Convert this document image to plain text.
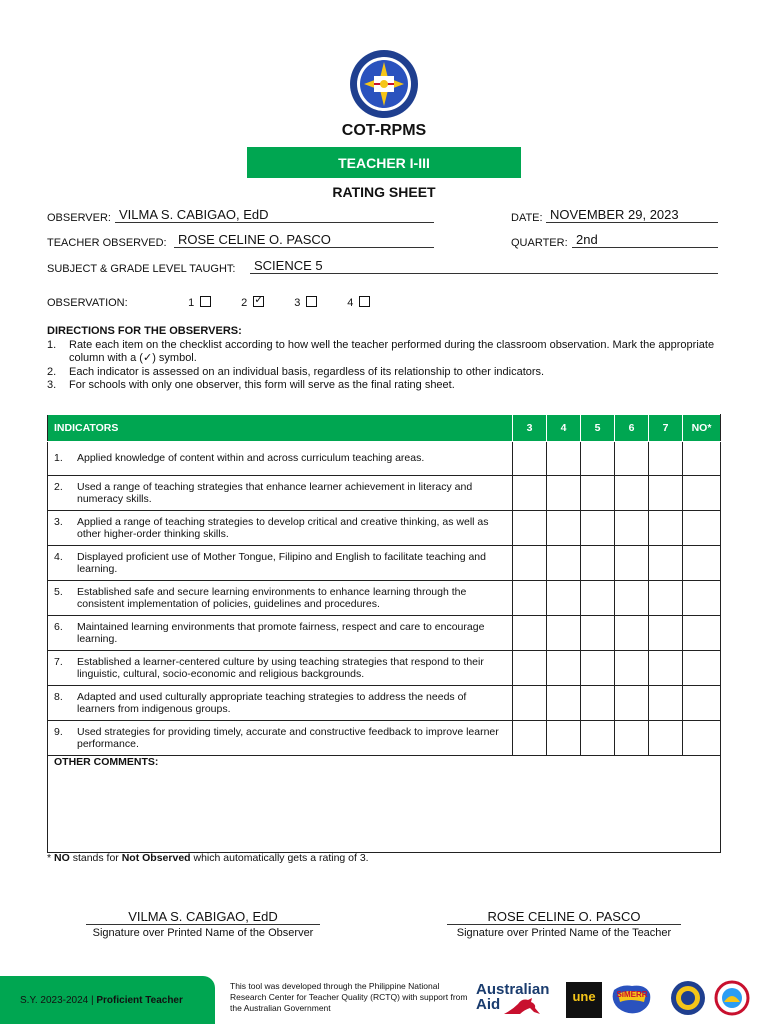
COT-RPMS
TEACHER I-III
RATING SHEET
OBSERVER: VILMA S. CABIGAO, EdD	DATE: NOVEMBER 29, 2023
TEACHER OBSERVED: ROSE CELINE O. PASCO	QUARTER: 2nd
SUBJECT & GRADE LEVEL TAUGHT:	SCIENCE 5
OBSERVATION:	1	2 ✓	3	4
DIRECTIONS FOR THE OBSERVERS:
1.	Rate each item on the checklist according to how well the teacher performed during the classroom observation. Mark the appropriate column with a (✓) symbol.
2.	Each indicator is assessed on an individual basis, regardless of its relationship to other indicators.
3.	For schools with only one observer, this form will serve as the final rating sheet.
INDICATORS	3	4	5	6	7	NO*

1. Applied knowledge of content within and across curriculum teaching areas.						

2. Used a range of teaching strategies that enhance learner achievement in literacy and numeracy skills.						

3. Applied a range of teaching strategies to develop critical and creative thinking, as well as other higher-order thinking skills.						

4. Displayed proficient use of Mother Tongue, Filipino and English to facilitate teaching and learning.						

5. Established safe and secure learning environments to enhance learning through the consistent implementation of policies, guidelines and procedures.						

6. Maintained learning environments that promote fairness, respect and care to encourage learning.						

7. Established a learner-centered culture by using teaching strategies that respond to their linguistic, cultural, socio-economic and religious backgrounds.						

8. Adapted and used culturally appropriate teaching strategies to address the needs of learners from indigenous groups.						

9. Used strategies for providing timely, accurate and constructive feedback to improve learner performance.						

OTHER COMMENTS:
* NO stands for Not Observed which automatically gets a rating of 3.
VILMA S. CABIGAO, EdD
Signature over Printed Name of the Observer
ROSE CELINE O. PASCO
Signature over Printed Name of the Teacher
S.Y. 2023-2024 |
Proficient Teacher
This tool was developed through the Philippine National Research Center for Teacher Quality (RCTQ) with support from the Australian Government
Australian
Aid	une	SiMERR
